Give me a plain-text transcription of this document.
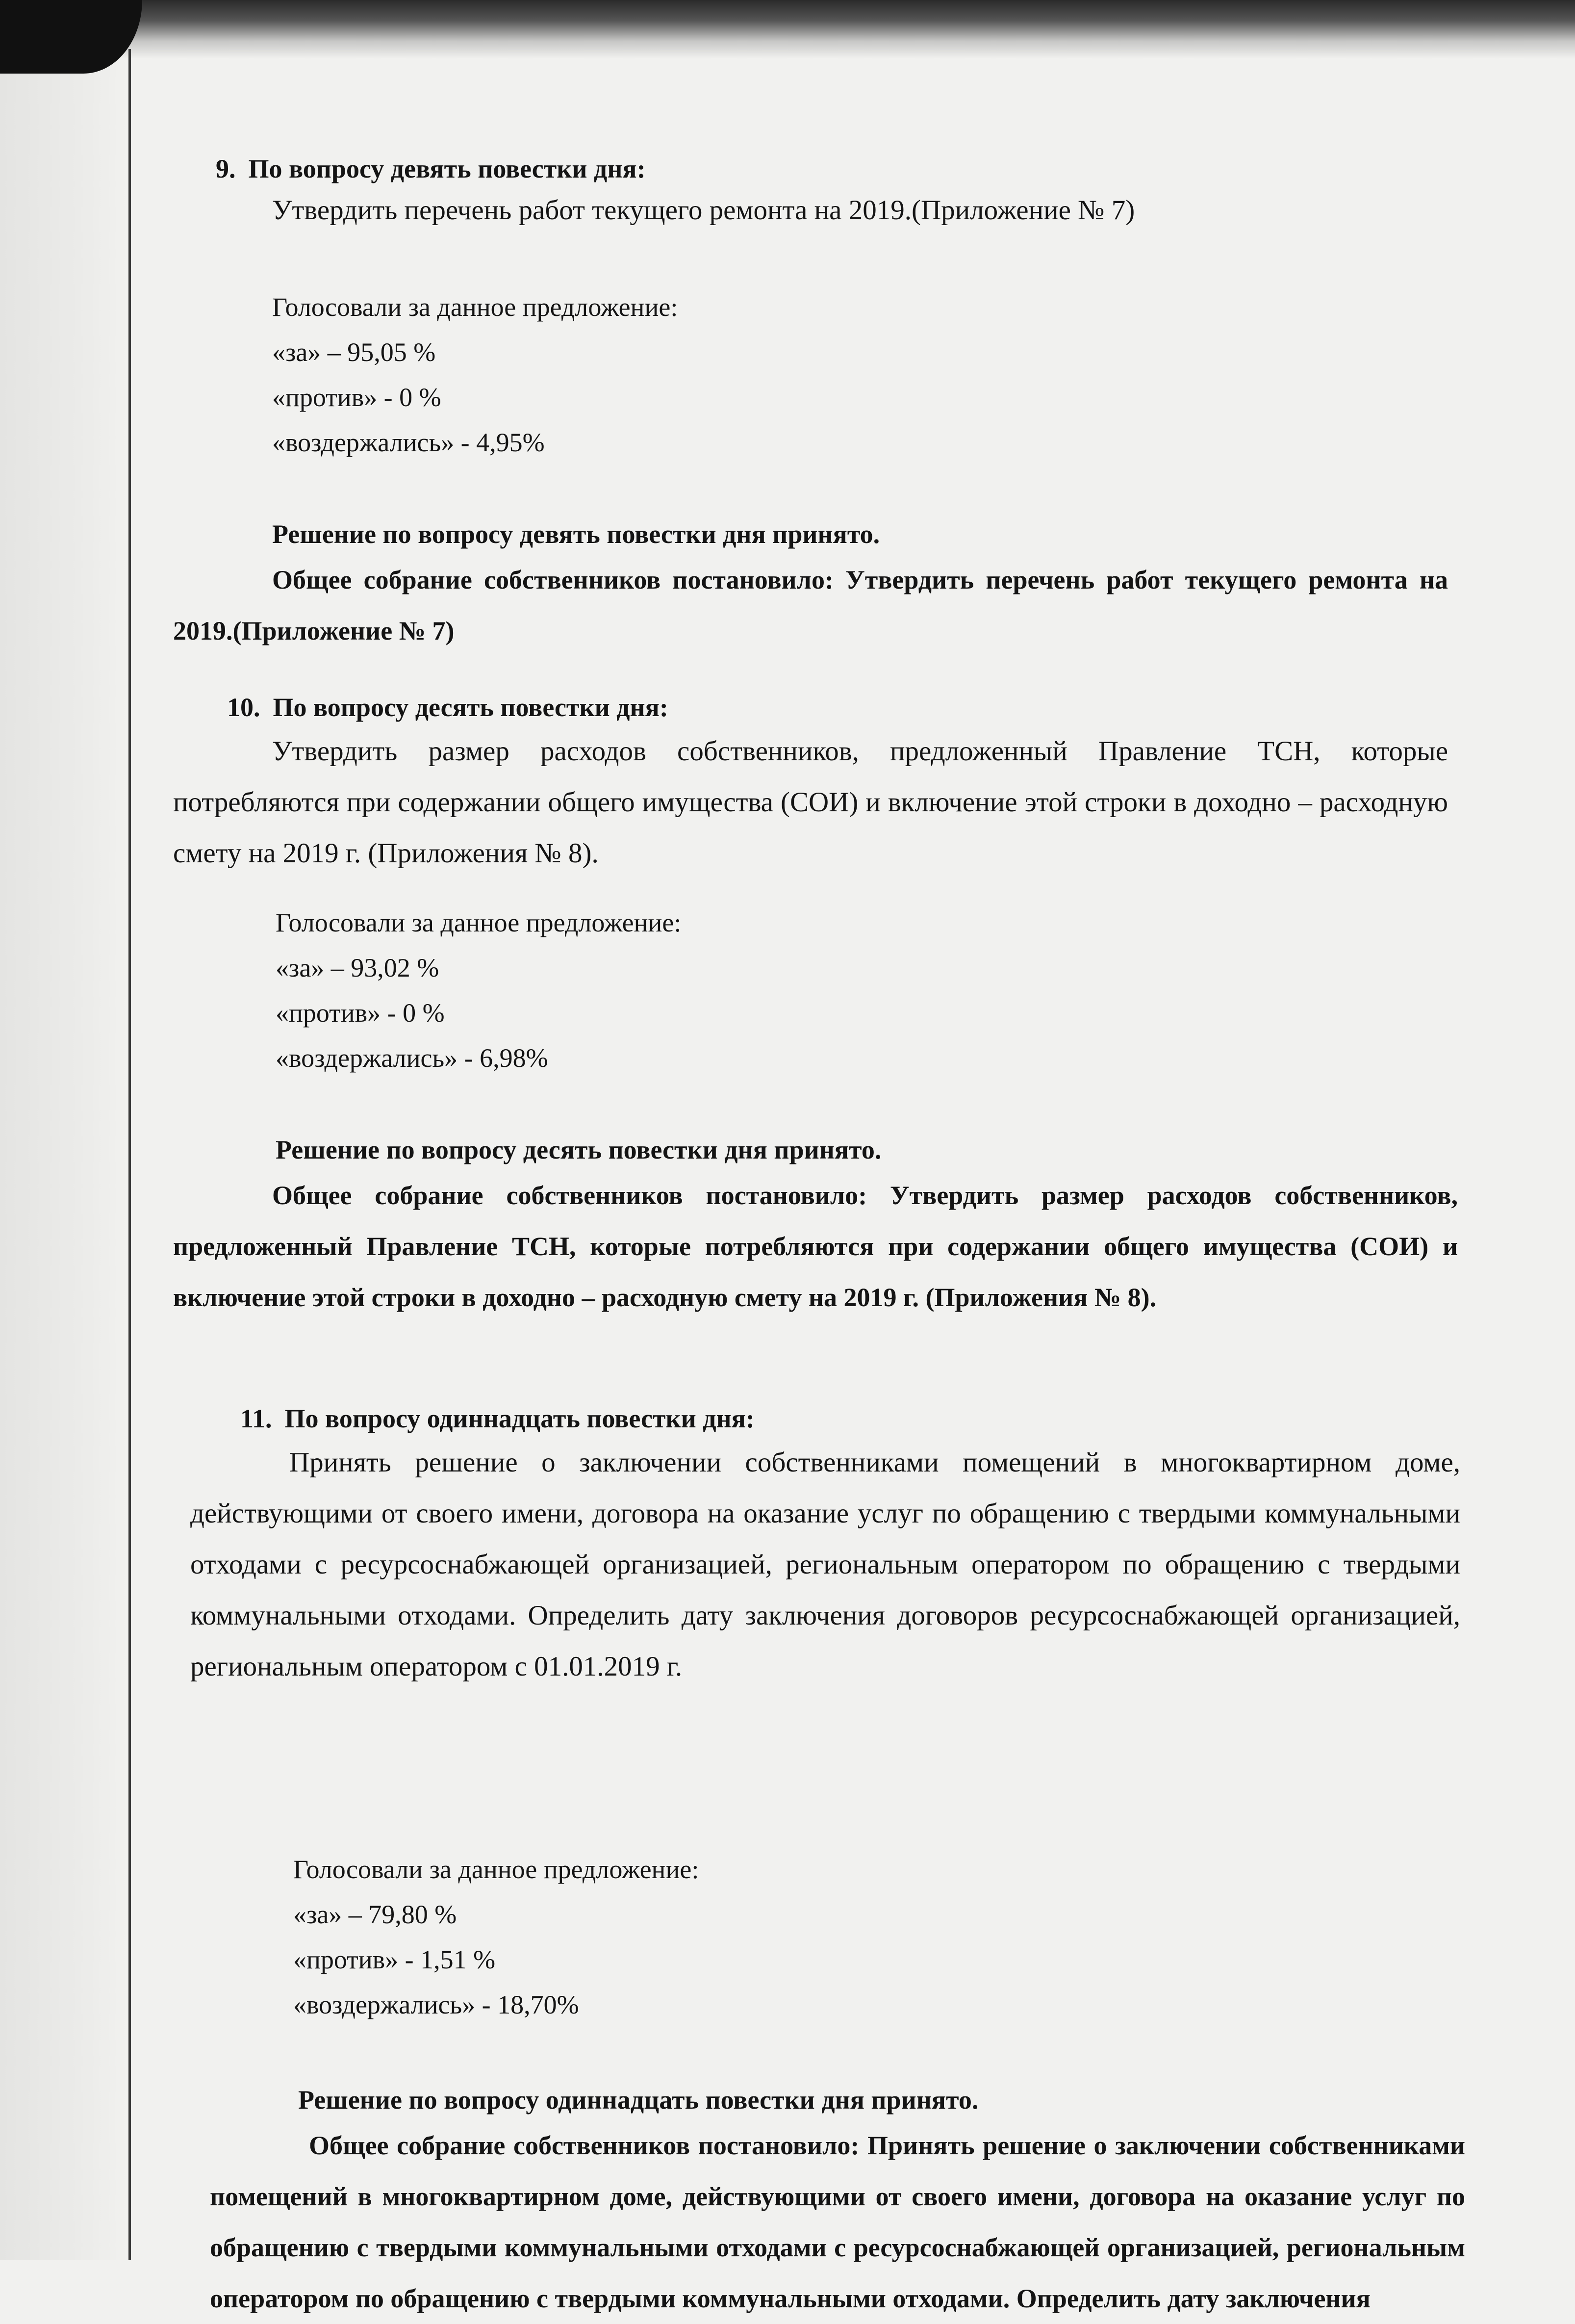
9. По вопросу девять повестки дня:

Утвердить перечень работ текущего ремонта на 2019.(Приложение № 7)

Голосовали за данное предложение:

«за» – 95,05 %

«против» - 0 %

«воздержались» - 4,95%

Решение по вопросу девять повестки дня принято.

Общее собрание собственников постановило: Утвердить перечень работ текущего ремонта на 2019.(Приложение № 7)

10. По вопросу десять повестки дня:

Утвердить размер расходов собственников, предложенный Правление ТСН, которые потребляются при содержании общего имущества (СОИ) и включение этой строки в доходно – расходную смету на 2019 г. (Приложения № 8).

Голосовали за данное предложение:

«за» – 93,02 %

«против» - 0 %

«воздержались» - 6,98%

Решение по вопросу десять повестки дня принято.

Общее собрание собственников постановило: Утвердить размер расходов собственников, предложенный Правление ТСН, которые потребляются при содержании общего имущества (СОИ) и включение этой строки в доходно – расходную смету на 2019 г. (Приложения № 8).

11. По вопросу одиннадцать повестки дня:

Принять решение о заключении собственниками помещений в многоквартирном доме, действующими от своего имени, договора на оказание услуг по обращению с твердыми коммунальными отходами с ресурсоснабжающей организацией, региональным оператором по обращению с твердыми коммунальными отходами. Определить дату заключения договоров ресурсоснабжающей организацией, региональным оператором с 01.01.2019 г.

Голосовали за данное предложение:

«за» – 79,80 %

«против» - 1,51 %

«воздержались» - 18,70%

Решение по вопросу одиннадцать повестки дня принято.

Общее собрание собственников постановило: Принять решение о заключении собственниками помещений в многоквартирном доме, действующими от своего имени, договора на оказание услуг по обращению с твердыми коммунальными отходами с ресурсоснабжающей организацией, региональным оператором по обращению с твердыми коммунальными отходами. Определить дату заключения
